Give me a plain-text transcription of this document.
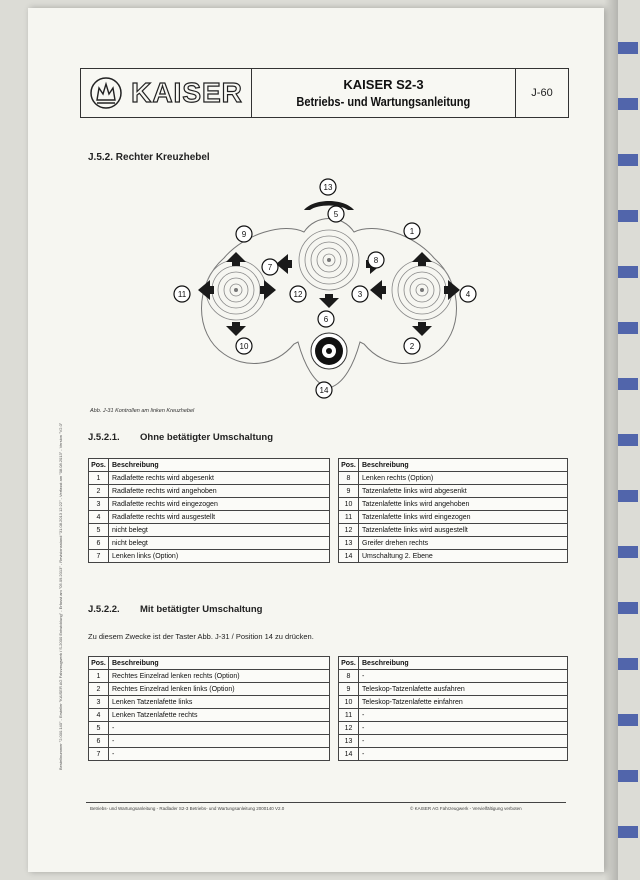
Bestellnummer "2.000.140" - Ersteller "KAISER AG Fahrzeugwerk / S-2000 Entwicklung" - Erfasst am "05.09.2013" - Revisionsstand "31.08.2013 12:22" - Verfasst am "08.08.2013" - Version "V2.0"
KAISER	KAISER S2-3
Betriebs- und Wartungsanleitung
J-60
J.5.2. Rechter Kreuzhebel
13
5
9	1
7
8
11	12	3	4
6
10	2
14
Abb. J-31 Kontrollen am linken Kreuzhebel
J.5.2.1. Ohne betätigter Umschaltung
Pos.	Beschreibung
1	Radlafette rechts wird abgesenkt
2	Radlafette rechts wird angehoben
3	Radlafette rechts wird eingezogen
4	Radlafette rechts wird ausgestellt
5	nicht belegt
6	nicht belegt
7	Lenken links (Option)
Pos.	Beschreibung
8	Lenken rechts (Option)
9	Tatzenlafette links wird abgesenkt
10	Tatzenlafette links wird angehoben
11	Tatzenlafette links wird eingezogen
12	Tatzenlafette links wird ausgestellt
13	Greifer drehen rechts
14	Umschaltung 2. Ebene
J.5.2.2. Mit betätigter Umschaltung
Zu diesem Zwecke ist der Taster Abb. J-31 / Position 14 zu drücken.
Pos.	Beschreibung
1	Rechtes Einzelrad lenken rechts (Option)
2	Rechtes Einzelrad lenken links (Option)
3	Lenken Tatzenlafette links
4	Lenken Tatzenlafette rechts
5	-
6	-
7	-
Pos.	Beschreibung
8	-
9	Teleskop-Tatzenlafette ausfahren
10	Teleskop-Tatzenlafette einfahren
11	-
12	-
13	-
14	-
Betriebs- und Wartungsanleitung - Radlader S2-3 Betriebs- und Wartungsanleitung 2000140 V2.0	© KAISER AG Fahrzeugwerk - Vervielfältigung verboten
